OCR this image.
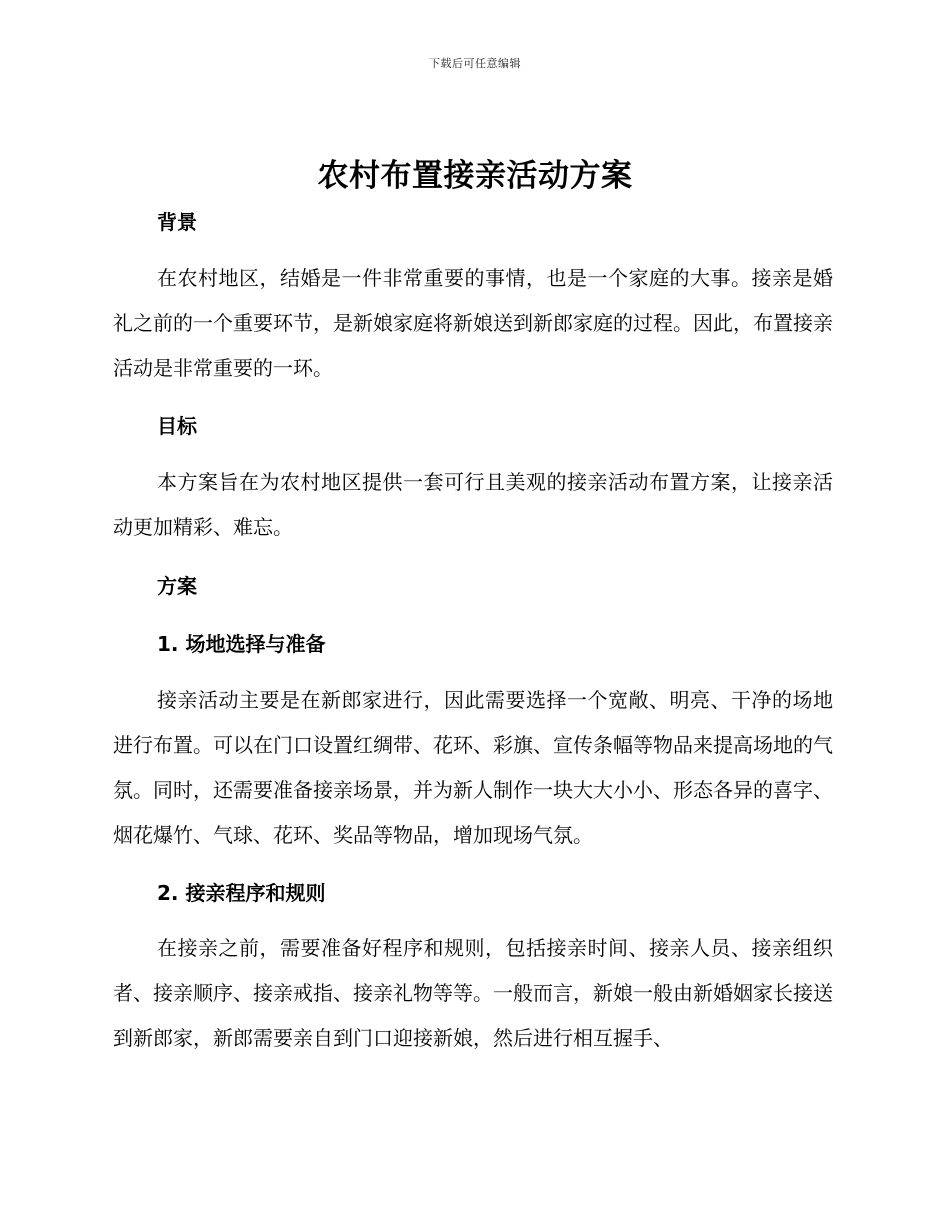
下载后可任意编辑
农村布置接亲活动方案
背景
在农村地区，结婚是一件非常重要的事情，也是一个家庭的大事。接亲是婚礼之前的一个重要环节，是新娘家庭将新娘送到新郎家庭的过程。因此，布置接亲活动是非常重要的一环。
目标
本方案旨在为农村地区提供一套可行且美观的接亲活动布置方案，让接亲活动更加精彩、难忘。
方案
1. 场地选择与准备
接亲活动主要是在新郎家进行，因此需要选择一个宽敞、明亮、干净的场地进行布置。可以在门口设置红绸带、花环、彩旗、宣传条幅等物品来提高场地的气氛。同时，还需要准备接亲场景，并为新人制作一块大大小小、形态各异的喜字、烟花爆竹、气球、花环、奖品等物品，增加现场气氛。
2. 接亲程序和规则
在接亲之前，需要准备好程序和规则，包括接亲时间、接亲人员、接亲组织者、接亲顺序、接亲戒指、接亲礼物等等。一般而言，新娘一般由新婚姻家长接送到新郎家，新郎需要亲自到门口迎接新娘，然后进行相互握手、
